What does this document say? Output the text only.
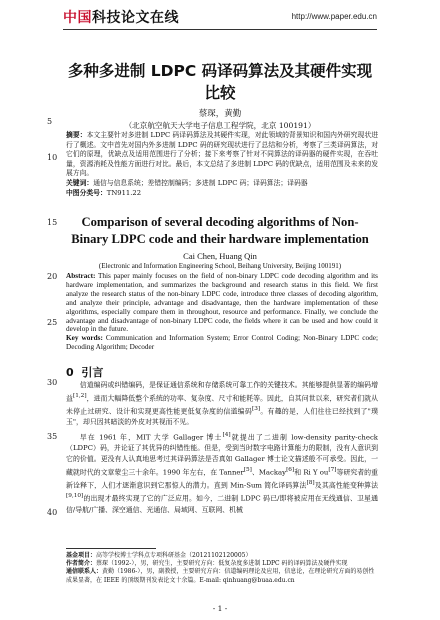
中国科技论文在线	http://www.paper.edu.cn
5
10
15
20
25
30
35
40
多种多进制 LDPC 码译码算法及其硬件实现比较
蔡琛，黄勤
（北京航空航天大学电子信息工程学院，北京 100191）
摘要：本文主要针对多进制 LDPC 码译码算法及其硬件实现，对此领域的背景知识和国内外研究现状进行了概述。文中首先对国内外多进制 LDPC 码的研究现状进行了总结和分析，考察了三类译码算法，对它们的原理，优缺点及适用范围进行了分析；接下来考察了针对不同算法的译码器的硬件实现，在吞吐量，资源消耗及性能方面进行对比。最后，本文总结了多进制 LDPC 码的优缺点，适用范围及未来的发展方向。
关键词：通信与信息系统；差错控制编码；多进制 LDPC 码；译码算法；译码器
中图分类号：TN911.22
Comparison of several decoding algorithms of Non-Binary LDPC code and their hardware implementation
Cai Chen, Huang Qin
(Electronic and Information Engineering School, Beihang University, Beijing 100191)
Abstract: This paper mainly focuses on the field of non-binary LDPC code decoding algorithm and its hardware implementation, and summarizes the background and research status in this field. We first analyze the research status of the non-binary LDPC code, introduce three classes of decoding algorithm, and analyze their principle, advantage and disadvantage, then the hardware implementation of these algorithms, especially compare them in throughout, resource and performance. Finally, we conclude the advantage and disadvantage of non-binary LDPC code, the fields where it can be used and how could it develop in the future.
Key words: Communication and Information System; Error Control Coding; Non-Binary LDPC code; Decoding Algorithm; Decoder
0 引言
信道编码或纠错编码，是保证通信系统和存储系统可靠工作的关键技术。其能够提供显著的编码增益[1,2]，进而大幅降低整个系统的功率、复杂度、尺寸和能耗等。因此，自其问世以来，研究者们就从未停止过研究、设计和实现更高性能更低复杂度的信道编码[3]。有趣的是，人们往往已经找到了"璞玉"，却只因其暗淡的外皮对其视而不见。
早在 1961 年，MIT 大学 Gallager 博士[4]就提出了二进制 low-density parity-check（LDPC）码，并论证了其优异的纠错性能。但是，受到当时数字电路计算能力的限制，没有人意识到它的价值。更没有人认真地思考过其译码算法是否真如 Gallager 博士论文描述般不可承受。因此，一藏就时代的文章蒙尘三十余年。1990 年左右，在 Tanner[5]、Mackay[6]和 Ri Y ou[7]等研究者的重新诠释下，人们才逐渐意识到它那惊人的潜力。直到 Min-Sum 简化译码算法[8]及其高性能变种算法[9,10]的出现才最终实现了它的广泛应用。如今，二进制 LDPC 码已/即将被应用在无线通信、卫星通信/导航/广播、深空通信、光通信、局域网、互联网、机械
基金项目：高等学校博士学科点专项科研基金（20121102120005）
作者简介：蔡琛（1992-），男，研究生，主要研究方向：低复杂度多进制 LDPC 码的译码算法及硬件实现
通信联系人：黄勤（1986-），男，副教授，主要研究方向：信道编码理论及应用，信息论，在理论研究方面的易创性成果显著，在 IEEE 的顶级期刊发表论文十余篇。E-mail: qinhuang@buaa.edu.cn
- 1 -
